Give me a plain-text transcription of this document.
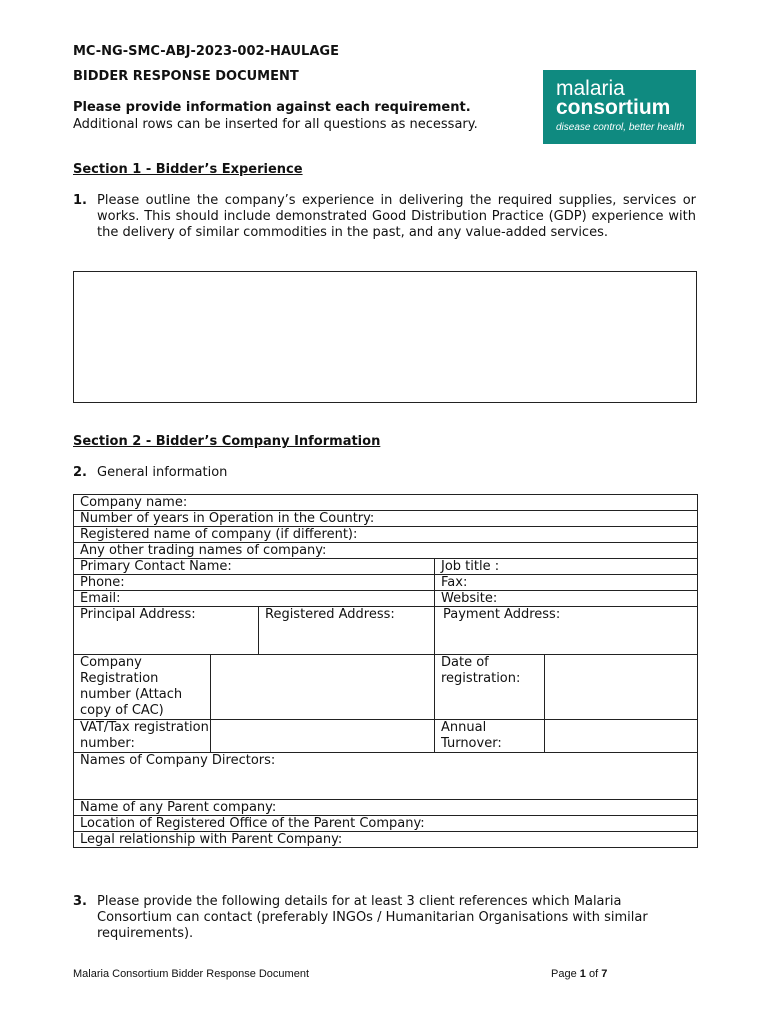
MC-NG-SMC-ABJ-2023-002-HAULAGE
BIDDER RESPONSE DOCUMENT
Please provide information against each requirement.
Additional rows can be inserted for all questions as necessary.
malaria
consortium
disease control, better health
Section 1 - Bidder’s Experience
1. Please outline the company’s experience in delivering the required supplies, services or works. This should include demonstrated Good Distribution Practice (GDP) experience with the delivery of similar commodities in the past, and any value-added services.
Section 2 - Bidder’s Company Information
2. General information
Company name:				
Number of years in Operation in the Country:				
Registered name of company (if different):				
Any other trading names of company:				
Primary Contact Name:			Job title :	
Phone:			Fax:	
Email:			Website:	
Principal Address:		Registered Address:	Payment Address:	
Company Registration number (Attach copy of CAC)			Date of registration:	
VAT/Tax registration number:			Annual Turnover:	
Names of Company Directors:				
Name of any Parent company:				
Location of Registered Office of the Parent Company:				
Legal relationship with Parent Company:				
3. Please provide the following details for at least 3 client references which Malaria Consortium can contact (preferably INGOs / Humanitarian Organisations with similar requirements).
Malaria Consortium Bidder Response Document	Page 1 of 7
